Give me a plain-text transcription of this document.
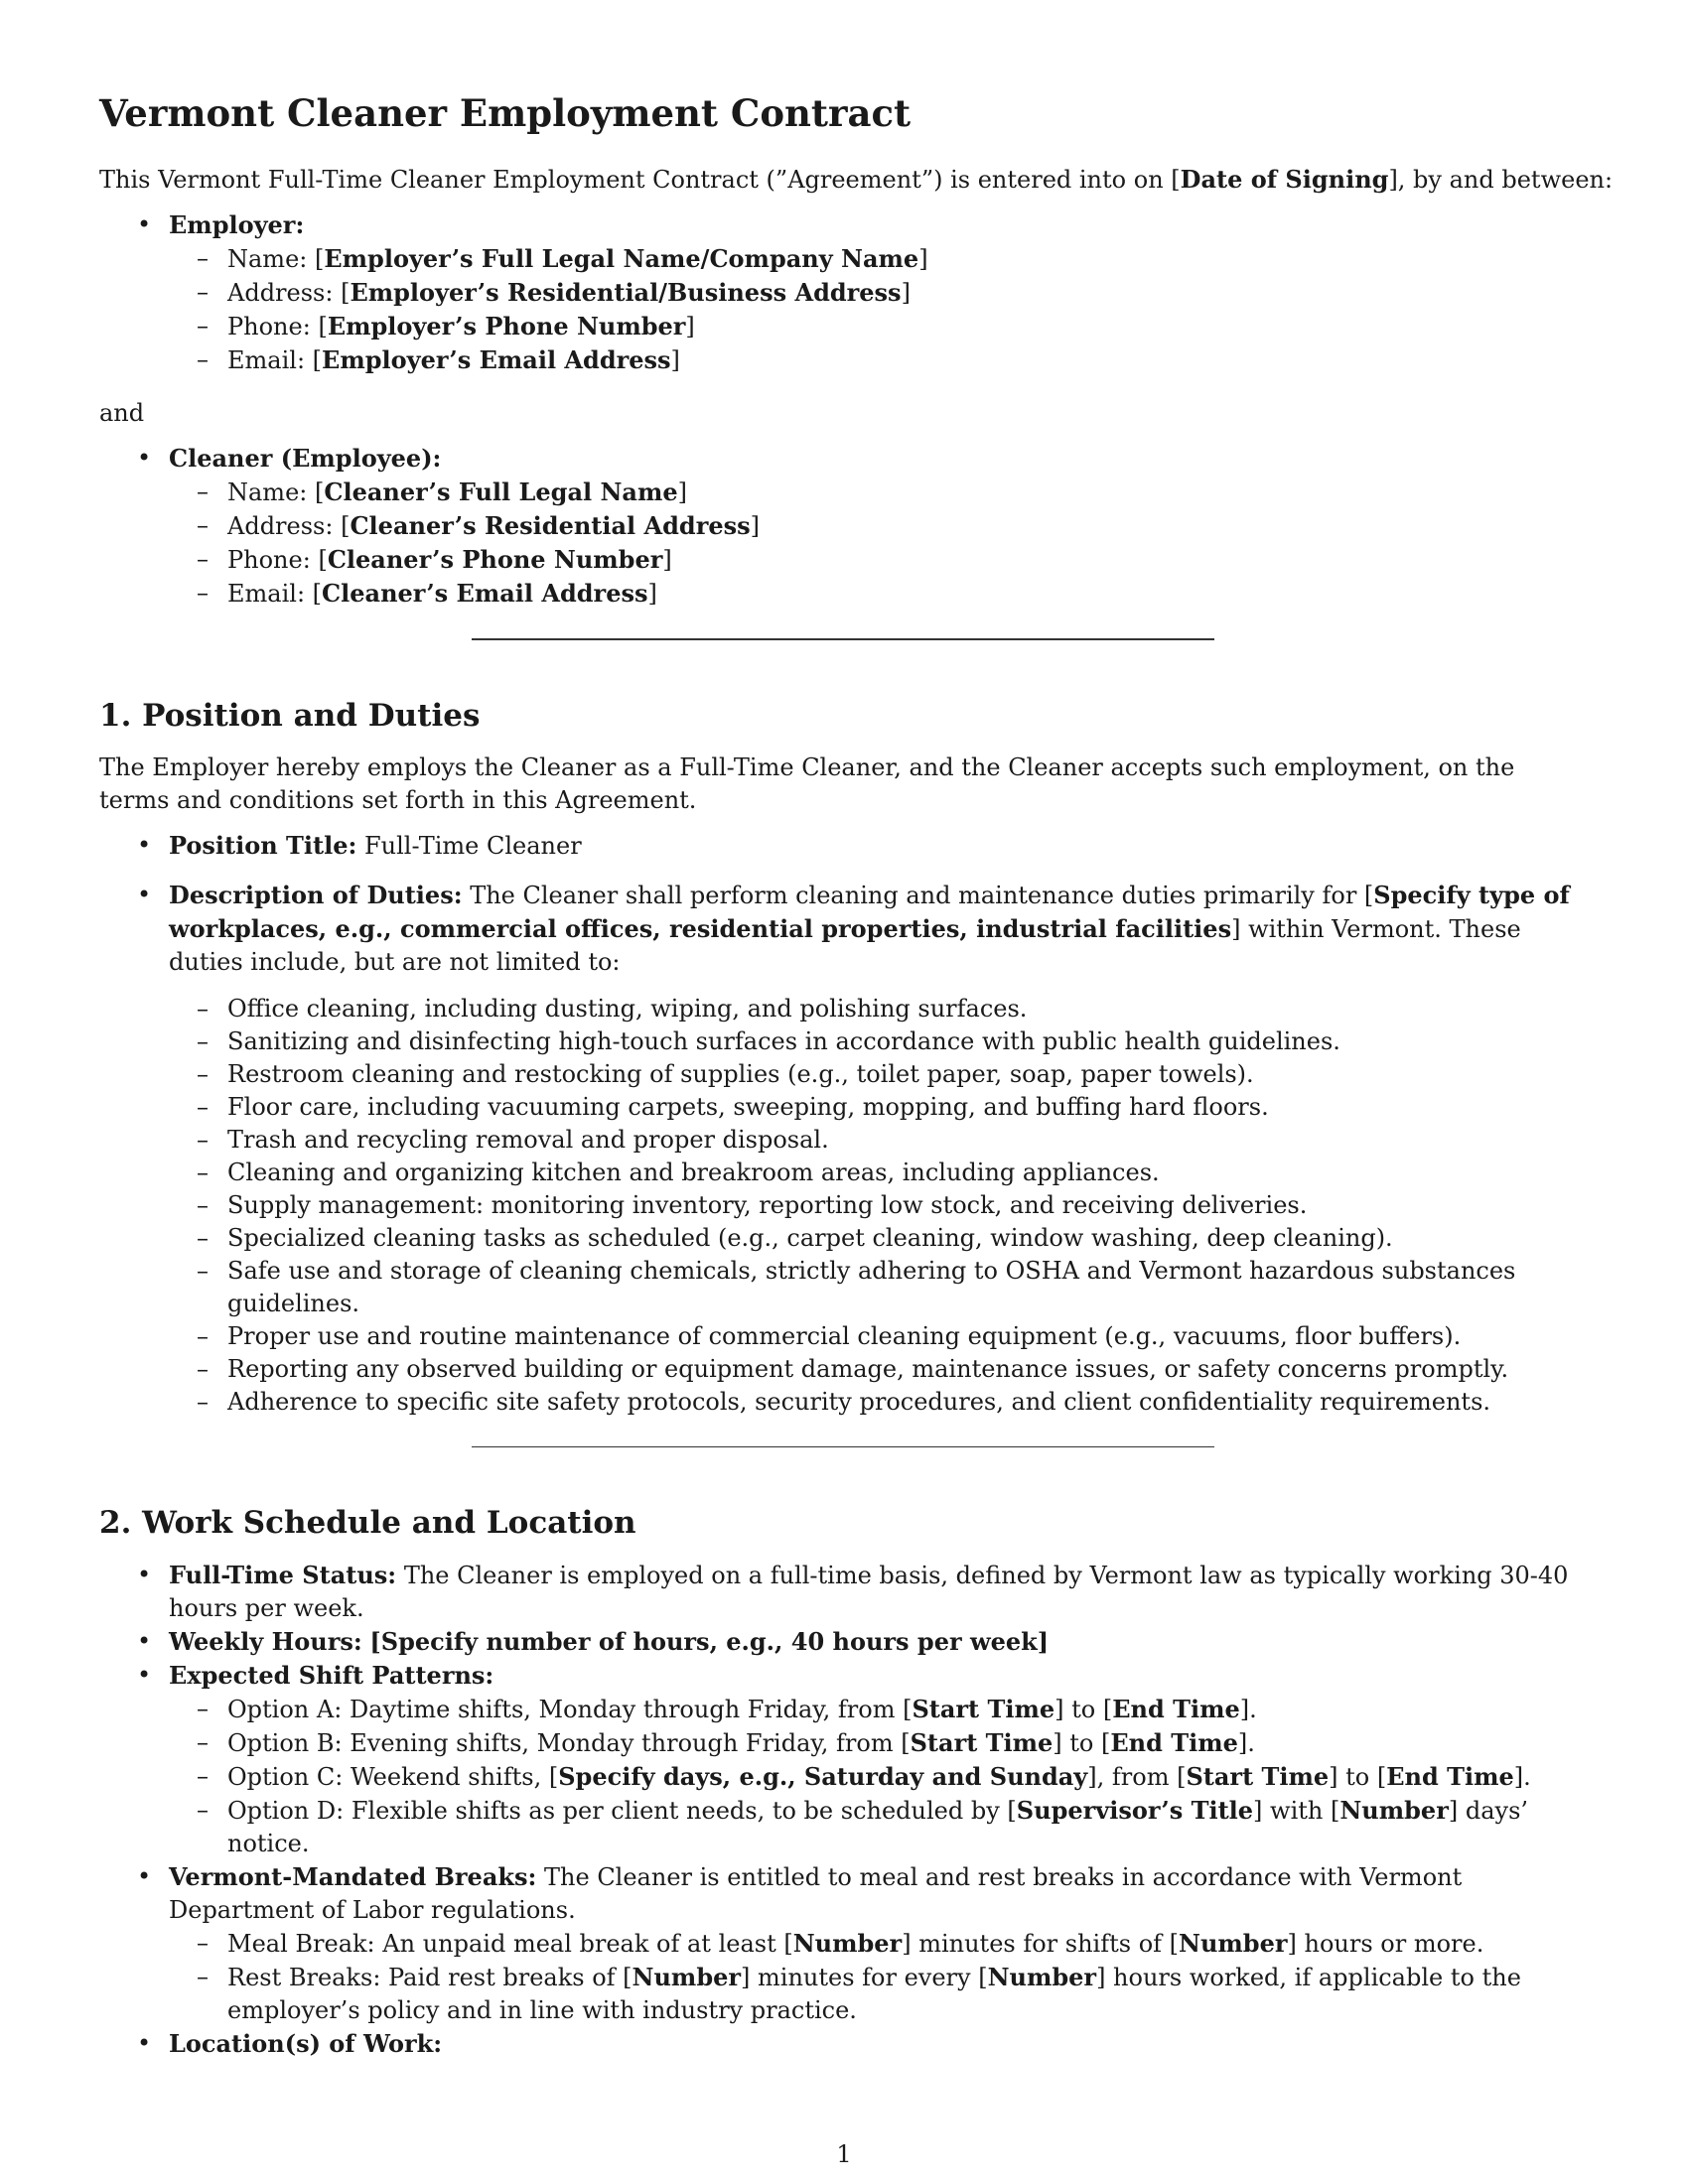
Vermont Cleaner Employment Contract

This Vermont Full-Time Cleaner Employment Contract (”Agreement”) is entered into on [Date of Signing], by and between:

• Employer:
– Name: [Employer’s Full Legal Name/Company Name]
– Address: [Employer’s Residential/Business Address]
– Phone: [Employer’s Phone Number]
– Email: [Employer’s Email Address]

and

• Cleaner (Employee):
– Name: [Cleaner’s Full Legal Name]
– Address: [Cleaner’s Residential Address]
– Phone: [Cleaner’s Phone Number]
– Email: [Cleaner’s Email Address]
1. Position and Duties

The Employer hereby employs the Cleaner as a Full-Time Cleaner, and the Cleaner accepts such employment, on the terms and conditions set forth in this Agreement.

• Position Title: Full-Time Cleaner
• Description of Duties: The Cleaner shall perform cleaning and maintenance duties primarily for [Specify type of workplaces, e.g., commercial offices, residential properties, industrial facilities] within Vermont. These duties include, but are not limited to:
– Office cleaning, including dusting, wiping, and polishing surfaces.
– Sanitizing and disinfecting high-touch surfaces in accordance with public health guidelines.
– Restroom cleaning and restocking of supplies (e.g., toilet paper, soap, paper towels).
– Floor care, including vacuuming carpets, sweeping, mopping, and buffing hard floors.
– Trash and recycling removal and proper disposal.
– Cleaning and organizing kitchen and breakroom areas, including appliances.
– Supply management: monitoring inventory, reporting low stock, and receiving deliveries.
– Specialized cleaning tasks as scheduled (e.g., carpet cleaning, window washing, deep cleaning).
– Safe use and storage of cleaning chemicals, strictly adhering to OSHA and Vermont hazardous substances guidelines.
– Proper use and routine maintenance of commercial cleaning equipment (e.g., vacuums, floor buffers).
– Reporting any observed building or equipment damage, maintenance issues, or safety concerns promptly.
– Adherence to specific site safety protocols, security procedures, and client confidentiality requirements.
2. Work Schedule and Location
• Full-Time Status: The Cleaner is employed on a full-time basis, defined by Vermont law as typically working 30-40 hours per week.
• Weekly Hours: [Specify number of hours, e.g., 40 hours per week]
• Expected Shift Patterns:
– Option A: Daytime shifts, Monday through Friday, from [Start Time] to [End Time].
– Option B: Evening shifts, Monday through Friday, from [Start Time] to [End Time].
– Option C: Weekend shifts, [Specify days, e.g., Saturday and Sunday], from [Start Time] to [End Time].
– Option D: Flexible shifts as per client needs, to be scheduled by [Supervisor’s Title] with [Number] days’ notice.
• Vermont-Mandated Breaks: The Cleaner is entitled to meal and rest breaks in accordance with Vermont Department of Labor regulations.
– Meal Break: An unpaid meal break of at least [Number] minutes for shifts of [Number] hours or more.
– Rest Breaks: Paid rest breaks of [Number] minutes for every [Number] hours worked, if applicable to the employer’s policy and in line with industry practice.
• Location(s) of Work:
1
